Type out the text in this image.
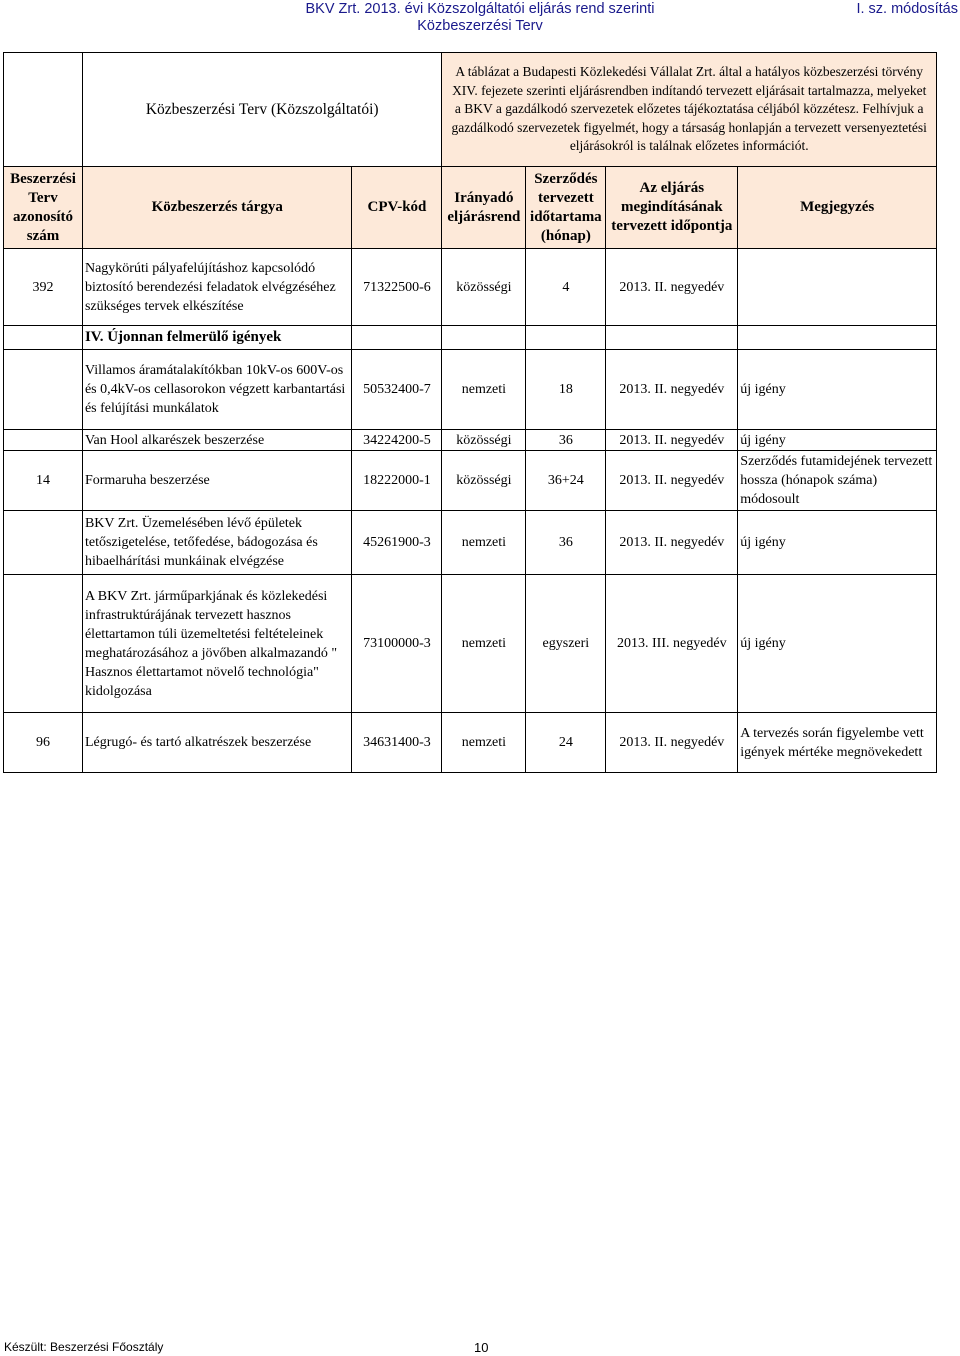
BKV Zrt. 2013. évi Közszolgáltatói eljárás rend szerinti
Közbeszerzési Terv
I. sz. módosítás
	Közbeszerzési Terv (Közszolgáltatói)		A táblázat a Budapesti Közlekedési Vállalat Zrt. által a hatályos közbeszerzési törvény XIV. fejezete szerinti eljárásrendben indítandó tervezett eljárásait tartalmazza, melyeket a BKV a gazdálkodó szervezetek előzetes tájékoztatása céljából közzétesz. Felhívjuk a gazdálkodó szervezetek figyelmét, hogy a társaság honlapján a tervezett versenyeztetési eljárásokról is találnak előzetes információt.			
Beszerzési Terv azonosító szám	Közbeszerzés tárgya	CPV-kód	Irányadó eljárásrend	Szerződés tervezett időtartama (hónap)	Az eljárás megindításának tervezett időpontja	Megjegyzés
392	Nagykörúti pályafelújításhoz kapcsolódó biztosító berendezési feladatok elvégzéséhez szükséges tervek elkészítése	71322500-6	közösségi	4	2013. II. negyedév	
	IV. Újonnan felmerülő igények					
	Villamos áramátalakítókban 10kV-os 600V-os és 0,4kV-os cellasorokon végzett karbantartási és felújítási munkálatok	50532400-7	nemzeti	18	2013. II. negyedév	új igény
	Van Hool alkarészek beszerzése	34224200-5	közösségi	36	2013. II. negyedév	új igény
14	Formaruha beszerzése	18222000-1	közösségi	36+24	2013. II. negyedév	Szerződés futamidejének tervezett hossza (hónapok száma) módosoult
	BKV Zrt. Üzemelésében lévő épületek tetőszigetelése, tetőfedése, bádogozása és hibaelhárítási munkáinak elvégzése	45261900-3	nemzeti	36	2013. II. negyedév	új igény
	A BKV Zrt. járműparkjának és közlekedési infrastruktúrájának tervezett hasznos élettartamon túli üzemeltetési feltételeinek meghatározásához a jövőben alkalmazandó " Hasznos élettartamot növelő technológia" kidolgozása	73100000-3	nemzeti	egyszeri	2013. III. negyedév	új igény
96	Légrugó- és tartó alkatrészek beszerzése	34631400-3	nemzeti	24	2013. II. negyedév	A tervezés során figyelembe vett igények mértéke megnövekedett
Készült: Beszerzési Főosztály	10
